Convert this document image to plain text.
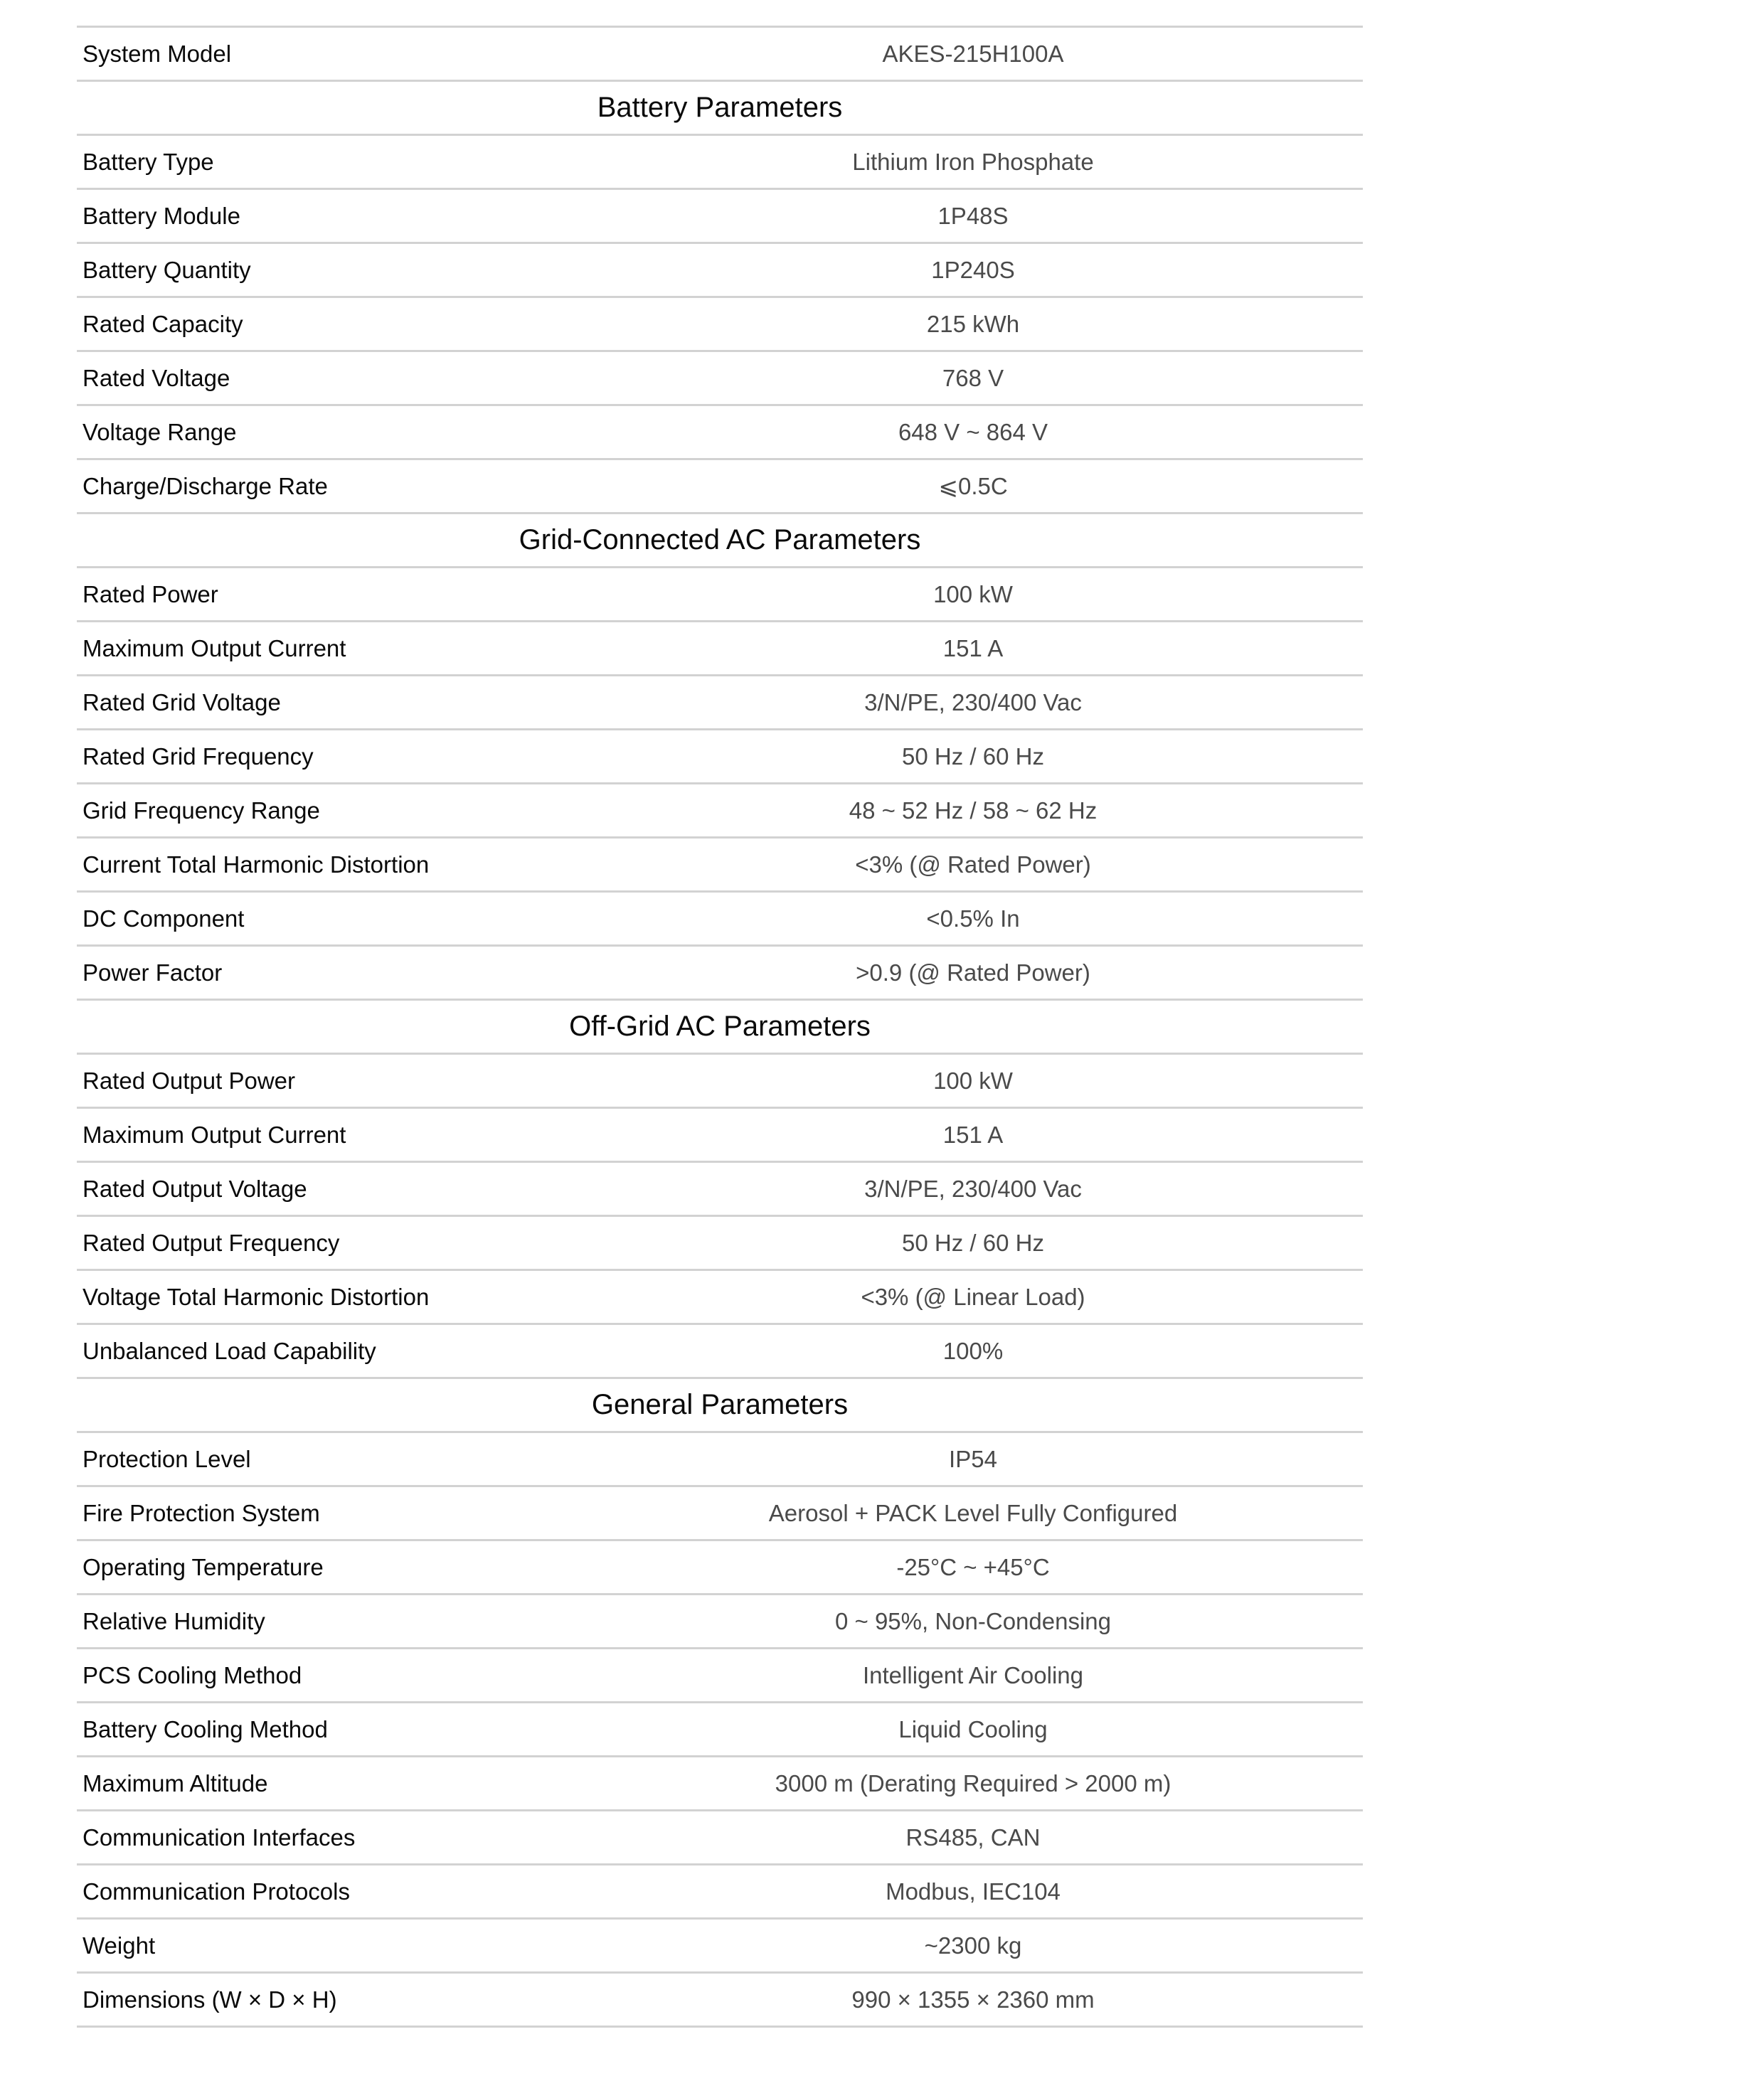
System Model	AKES-215H100A
Battery Parameters	
Battery Type	Lithium Iron Phosphate
Battery Module	1P48S
Battery Quantity	1P240S
Rated Capacity	215 kWh
Rated Voltage	768 V
Voltage Range	648 V ~ 864 V
Charge/Discharge Rate	⩽0.5C
Grid-Connected AC Parameters	
Rated Power	100 kW
Maximum Output Current	151 A
Rated Grid Voltage	3/N/PE, 230/400 Vac
Rated Grid Frequency	50 Hz / 60 Hz
Grid Frequency Range	48 ~ 52 Hz / 58 ~ 62 Hz
Current Total Harmonic Distortion	<3% (@ Rated Power)
DC Component	<0.5% In
Power Factor	>0.9 (@ Rated Power)
Off-Grid AC Parameters	
Rated Output Power	100 kW
Maximum Output Current	151 A
Rated Output Voltage	3/N/PE, 230/400 Vac
Rated Output Frequency	50 Hz / 60 Hz
Voltage Total Harmonic Distortion	<3% (@ Linear Load)
Unbalanced Load Capability	100%
General Parameters	
Protection Level	IP54
Fire Protection System	Aerosol + PACK Level Fully Configured
Operating Temperature	-25°C ~ +45°C
Relative Humidity	0 ~ 95%, Non-Condensing
PCS Cooling Method	Intelligent Air Cooling
Battery Cooling Method	Liquid Cooling
Maximum Altitude	3000 m (Derating Required > 2000 m)
Communication Interfaces	RS485, CAN
Communication Protocols	Modbus, IEC104
Weight	~2300 kg
Dimensions (W × D × H)	990 × 1355 × 2360 mm
